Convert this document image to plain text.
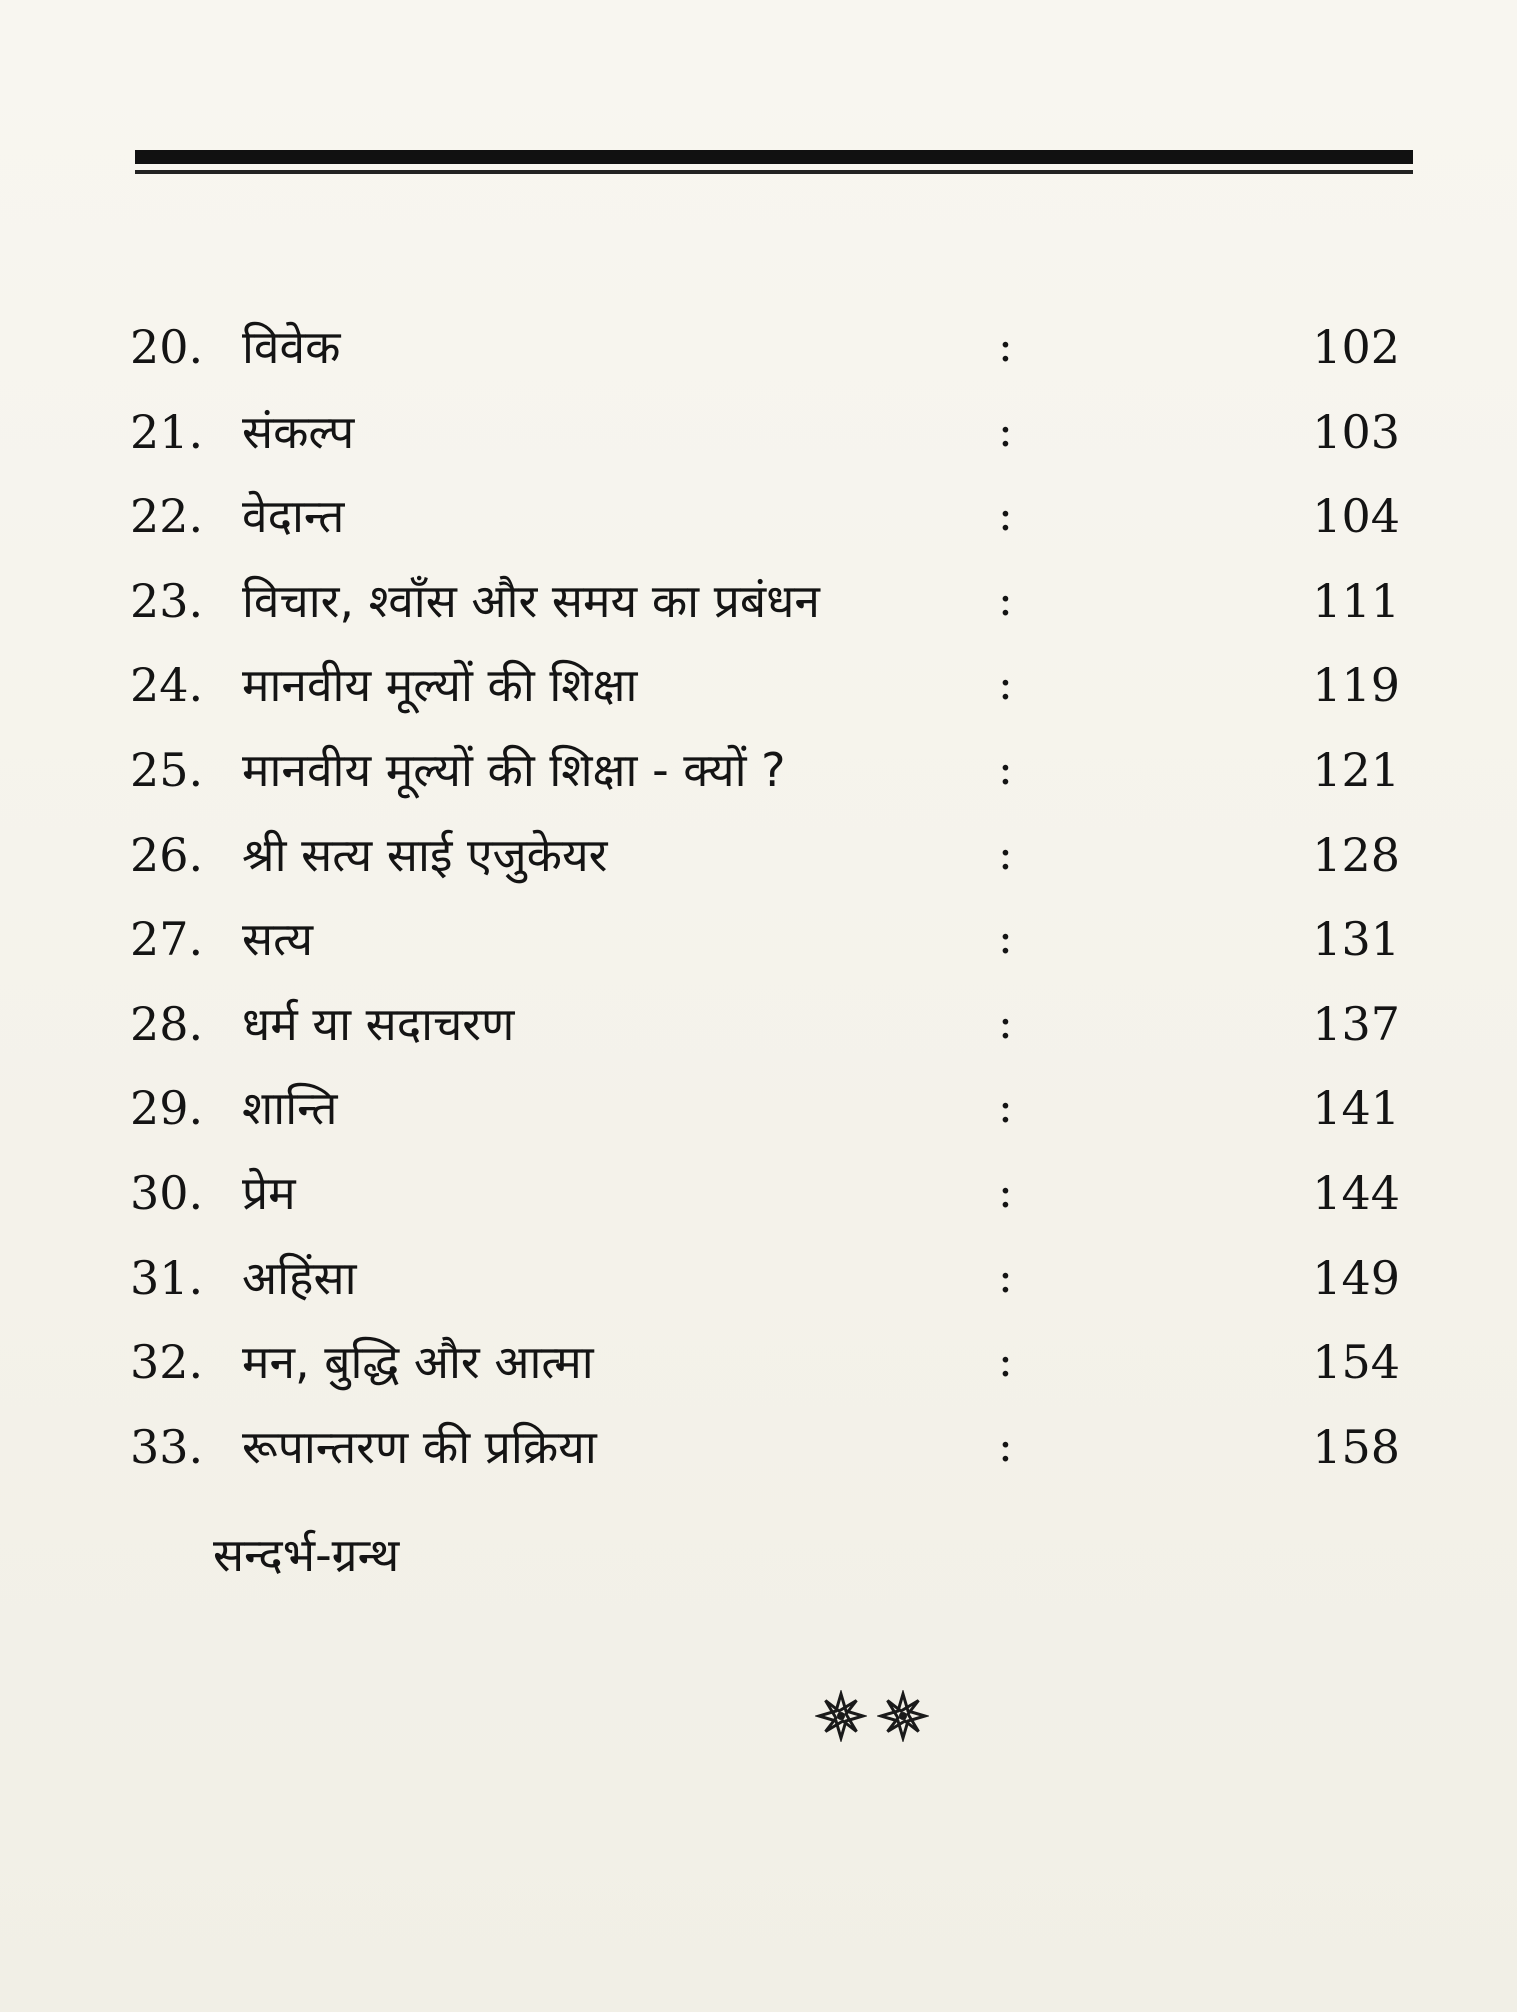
20. विवेक	:	102
21. संकल्प	:	103
22. वेदान्त	:	104
23. विचार, श्वाँस और समय का प्रबंधन	:	111
24. मानवीय मूल्यों की शिक्षा	:	119
25. मानवीय मूल्यों की शिक्षा - क्यों ?	:	121
26. श्री सत्य साई एजुकेयर	:	128
27. सत्य	:	131
28. धर्म या सदाचरण	:	137
29. शान्ति	:	141
30. प्रेम	:	144
31. अहिंसा	:	149
32. मन, बुद्धि और आत्मा	:	154
33. रूपान्तरण की प्रक्रिया	:	158
सन्दर्भ-ग्रन्थ
